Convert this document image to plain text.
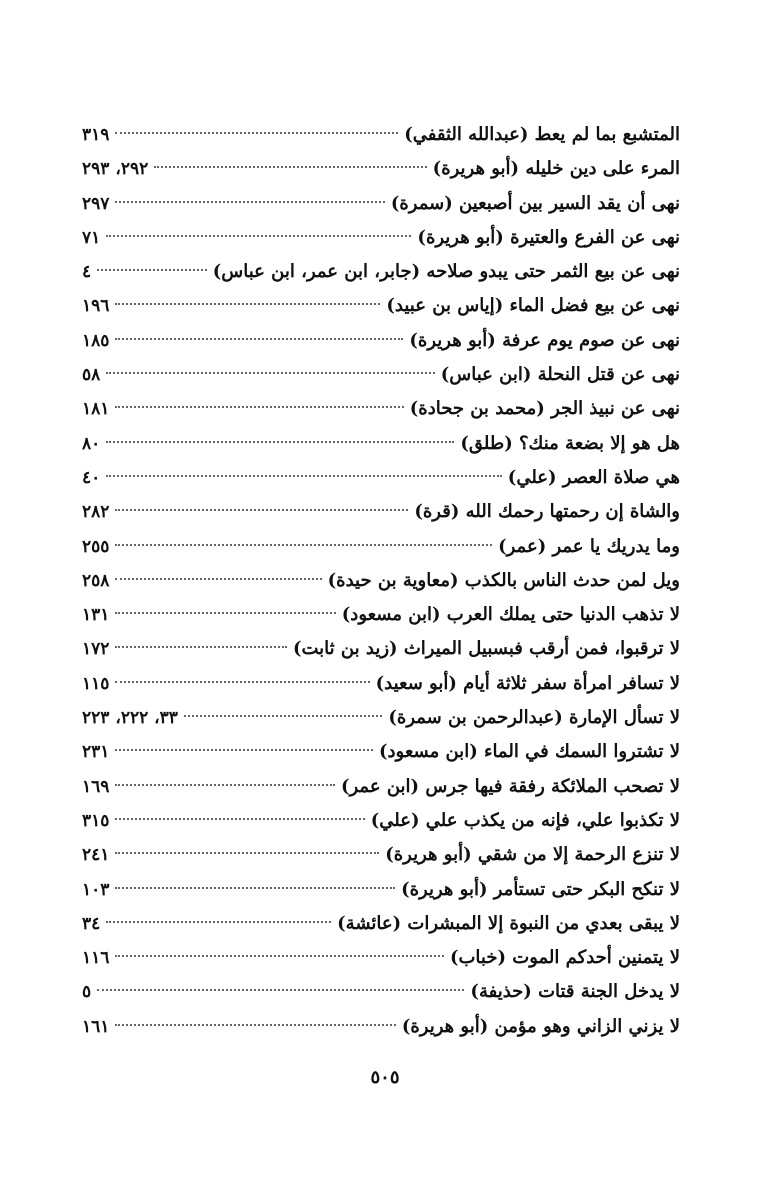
المتشبع بما لم يعط (عبدالله الثقفي)
٣١٩
المرء على دين خليله (أبو هريرة)
٢٩٢، ٢٩٣
نهى أن يقد السير بين أصبعين (سمرة)
٢٩٧
نهى عن الفرع والعتيرة (أبو هريرة)
٧١
نهى عن بيع الثمر حتى يبدو صلاحه (جابر، ابن عمر، ابن عباس)
٤
نهى عن بيع فضل الماء (إياس بن عبيد)
١٩٦
نهى عن صوم يوم عرفة (أبو هريرة)
١٨٥
نهى عن قتل النحلة (ابن عباس)
٥٨
نهى عن نبيذ الجر (محمد بن جحادة)
١٨١
هل هو إلا بضعة منك؟ (طلق)
٨٠
هي صلاة العصر (علي)
٤٠
والشاة إن رحمتها رحمك الله (قرة)
٢٨٢
وما يدريك يا عمر (عمر)
٢٥٥
ويل لمن حدث الناس بالكذب (معاوية بن حيدة)
٢٥٨
لا تذهب الدنيا حتى يملك العرب (ابن مسعود)
١٣١
لا ترقبوا، فمن أرقب فبسبيل الميراث (زيد بن ثابت)
١٧٢
لا تسافر امرأة سفر ثلاثة أيام (أبو سعيد)
١١٥
لا تسأل الإمارة (عبدالرحمن بن سمرة)
٣٣، ٢٢٢، ٢٢٣
لا تشتروا السمك في الماء (ابن مسعود)
٢٣١
لا تصحب الملائكة رفقة فيها جرس (ابن عمر)
١٦٩
لا تكذبوا علي، فإنه من يكذب علي (علي)
٣١٥
لا تنزع الرحمة إلا من شقي (أبو هريرة)
٢٤١
لا تنكح البكر حتى تستأمر (أبو هريرة)
١٠٣
لا يبقى بعدي من النبوة إلا المبشرات (عائشة)
٣٤
لا يتمنين أحدكم الموت (خباب)
١١٦
لا يدخل الجنة قتات (حذيفة)
٥
لا يزني الزاني وهو مؤمن (أبو هريرة)
١٦١
٥٠٥
